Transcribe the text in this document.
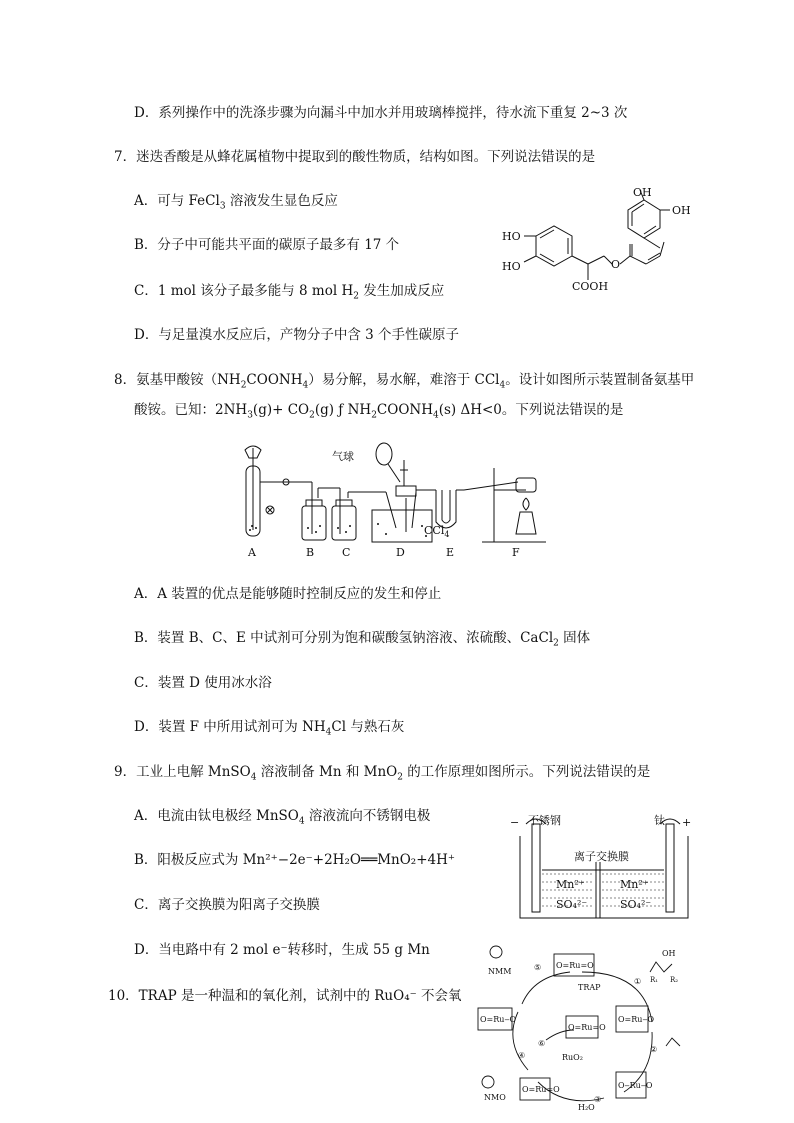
D．系列操作中的洗涤步骤为向漏斗中加水并用玻璃棒搅拌，待水流下重复 2~3 次
7．迷迭香酸是从蜂花属植物中提取到的酸性物质，结构如图。下列说法错误的是
A．可与 FeCl$_3$ 溶液发生显色反应
B．分子中可能共平面的碳原子最多有 17 个
C．1 mol 该分子最多能与 8 mol $H_2$ 发生加成反应
D．与足量溴水反应后，产物分子中含 3 个手性碳原子
HO
HO
COOH
O
OH
OH
8．氨基甲酸铵$(NH_2COONH_4)$易分解，易水解，难溶于 CCl$_4$。设计如图所示装置制备氨基甲
酸铵。已知：$2NH_3(g)+ CO_2(g)$ ƒ $NH_2COONH_4(s)$ ΔH<0。下列说法错误的是
气球
CCl$_4$
A	B	C	D	E	F
A．A 装置的优点是能够随时控制反应的发生和停止
B．装置 B、C、E 中试剂可分别为饱和碳酸氢钠溶液、浓硫酸、CaCl$_2$ 固体
C．装置 D 使用冰水浴
D．装置 F 中所用试剂可为 $NH_4Cl$ 与熟石灰
9．工业上电解 MnSO$_4$ 溶液制备 Mn 和 MnO$_2$ 的工作原理如图所示。下列说法错误的是
A．电流由钛电极经 MnSO$_4$ 溶液流向不锈钢电极
B．阳极反应式为 Mn²⁺−2e⁻+2H₂O══MnO₂+4H⁺
C．离子交换膜为阳离子交换膜
D．当电路中有 2 mol e⁻转移时，生成 55 g Mn
− 不锈钢	钛 +
离子交换膜
Mn²⁺
SO₄²⁻
Mn²⁺
SO₄²⁻
10．TRAP 是一种温和的氧化剂，试剂中的 RuO₄⁻ 不会氧
O=Ru=O
O=Ru=O
O=Ru=O	O‒Ru‒O
O=Ru‒O
O=Ru‒O
NMM
TRAP
NMO
RuO₂
H₂O
OH
R₁ R₂
①
②
③
④
⑤
⑥
